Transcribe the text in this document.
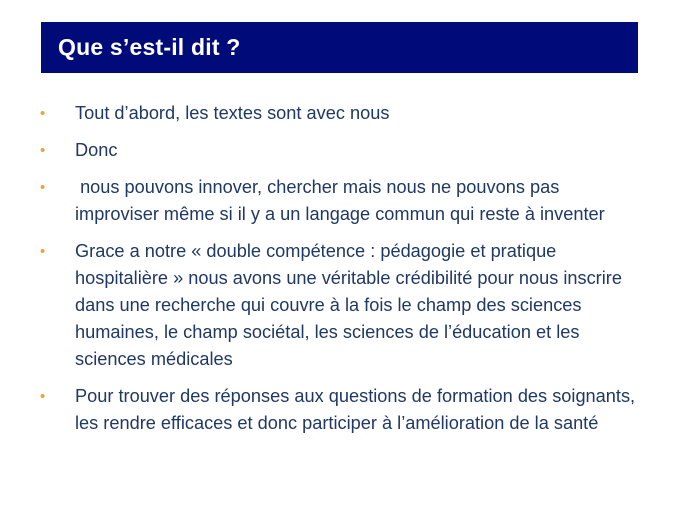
Que s’est-il dit ?
• Tout d’abord, les textes sont avec nous
• Donc
• nous pouvons innover, chercher mais nous ne pouvons pas improviser même si il y a un langage commun qui reste à inventer
• Grace a notre « double compétence : pédagogie et pratique hospitalière » nous avons une véritable crédibilité pour nous inscrire dans une recherche qui couvre à la fois le champ des sciences humaines, le champ sociétal, les sciences de l’éducation et les sciences médicales
• Pour trouver des réponses aux questions de formation des soignants, les rendre efficaces et donc participer à l’amélioration de la santé
